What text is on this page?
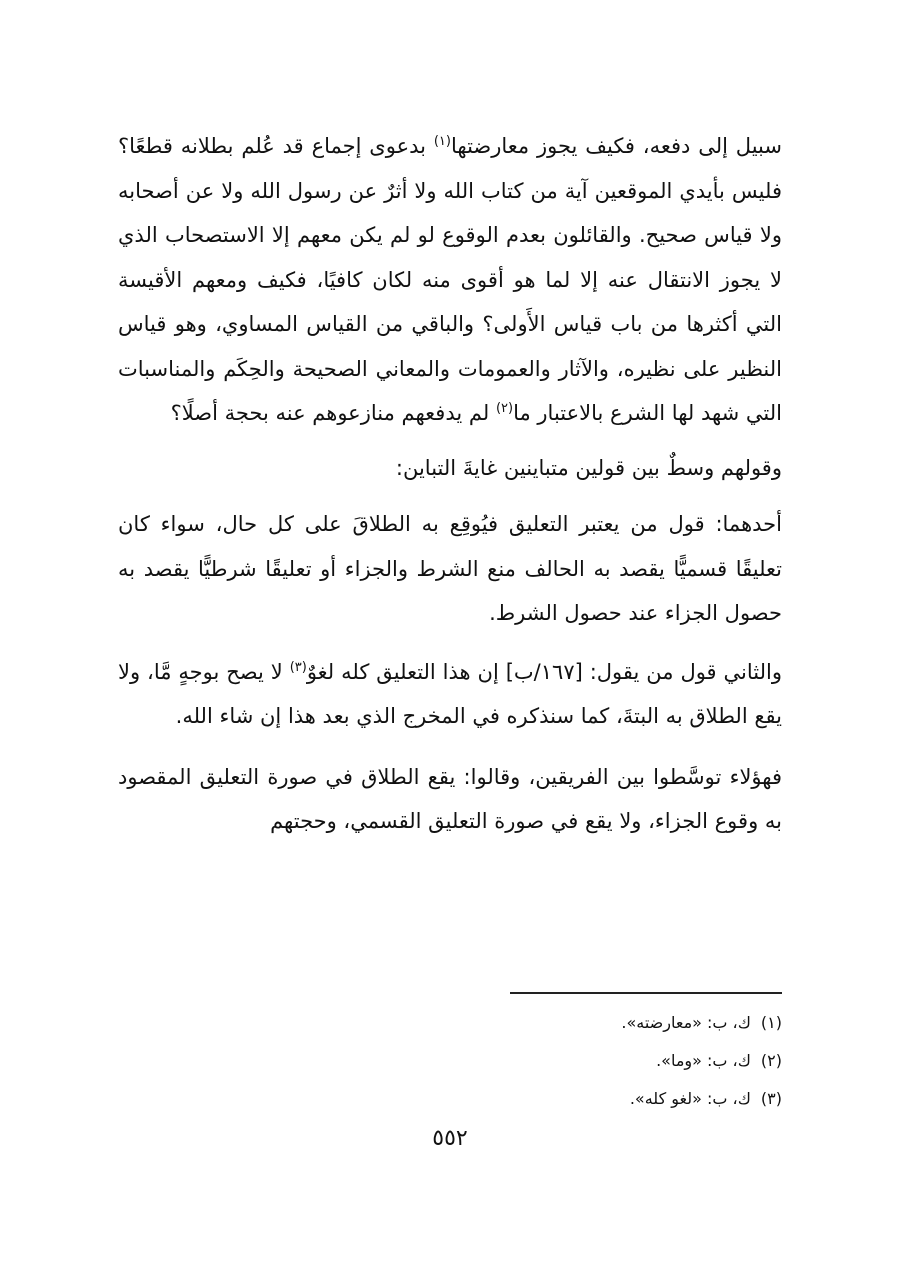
سبيل إلى دفعه، فكيف يجوز معارضتها$^{(١)}$ بدعوى إجماع قد عُلم بطلانه قطعًا؟ فليس بأيدي الموقعين آية من كتاب الله ولا أثرٌ عن رسول الله ولا عن أصحابه ولا قياس صحيح. والقائلون بعدم الوقوع لو لم يكن معهم إلا الاستصحاب الذي لا يجوز الانتقال عنه إلا لما هو أقوى منه لكان كافيًا، فكيف ومعهم الأقيسة التي أكثرها من باب قياس الأَولى؟ والباقي من القياس المساوي، وهو قياس النظير على نظيره، والآثار والعمومات والمعاني الصحيحة والحِكَم والمناسبات التي شهد لها الشرع بالاعتبار ما$^{(٢)}$ لم يدفعهم منازعوهم عنه بحجة أصلًا؟

وقولهم وسطٌ بين قولين متباينين غايةَ التباين:

أحدهما: قول من يعتبر التعليق فيُوقِع به الطلاقَ على كل حال، سواء كان تعليقًا قسميًّا يقصد به الحالف منع الشرط والجزاء أو تعليقًا شرطيًّا يقصد به حصول الجزاء عند حصول الشرط.

والثاني قول من يقول: [١٦٧/ب] إن هذا التعليق كله لغوٌ$^{(٣)}$ لا يصح بوجهٍ مَّا، ولا يقع الطلاق به البتةَ، كما سنذكره في المخرج الذي بعد هذا إن شاء الله.

فهؤلاء توسَّطوا بين الفريقين، وقالوا: يقع الطلاق في صورة التعليق المقصود به وقوع الجزاء، ولا يقع في صورة التعليق القسمي، وحجتهم

(١)ك، ب: «معارضته».

(٢)ك، ب: «وما».

(٣)ك، ب: «لغو كله».

٥٥٢
